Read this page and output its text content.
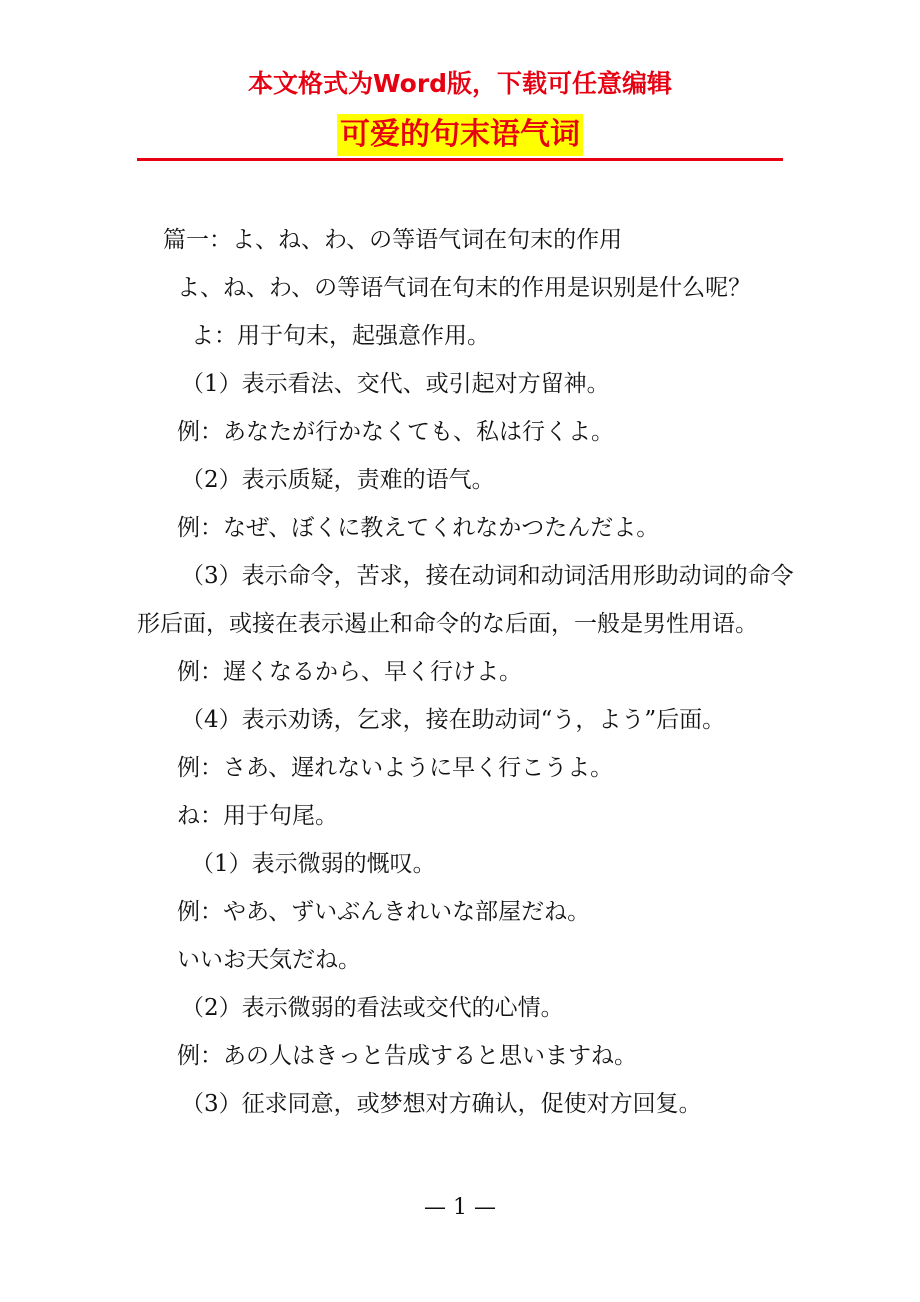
本文格式为Word版，下载可任意编辑
可爱的句末语气词
篇一：よ、ね、わ、の等语气词在句末的作用
よ、ね、わ、の等语气词在句末的作用是识别是什么呢？
よ：用于句末，起强意作用。
（1）表示看法、交代、或引起对方留神。
例：あなたが行かなくても、私は行くよ。
（2）表示质疑，责难的语气。
例：なぜ、ぼくに教えてくれなかつたんだよ。
（3）表示命令，苦求，接在动词和动词活用形助动词的命令形后面，或接在表示遏止和命令的な后面，一般是男性用语。
例：遅くなるから、早く行けよ。
（4）表示劝诱，乞求，接在助动词“う，よう”后面。
例：さあ、遅れないように早く行こうよ。
ね：用于句尾。
（1）表示微弱的慨叹。
例：やあ、ずいぶんきれいな部屋だね。
いいお天気だね。
（2）表示微弱的看法或交代的心情。
例：あの人はきっと告成すると思いますね。
（3）征求同意，或梦想对方确认，促使对方回复。
— 1 —
